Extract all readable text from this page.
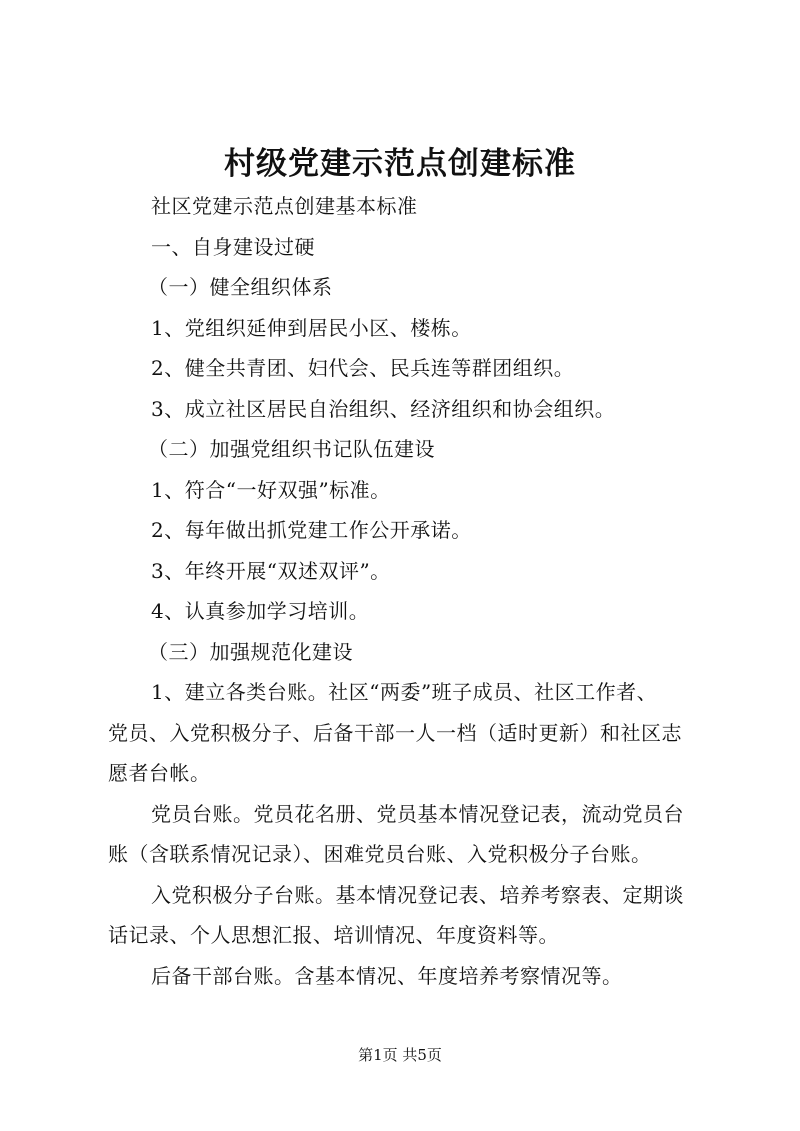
村级党建示范点创建标准
社区党建示范点创建基本标准
一、自身建设过硬
（一）健全组织体系
1、党组织延伸到居民小区、楼栋。
2、健全共青团、妇代会、民兵连等群团组织。
3、成立社区居民自治组织、经济组织和协会组织。
（二）加强党组织书记队伍建设
1、符合“一好双强”标准。
2、每年做出抓党建工作公开承诺。
3、年终开展“双述双评”。
4、认真参加学习培训。
（三）加强规范化建设
1、建立各类台账。社区“两委”班子成员、社区工作者、
党员、入党积极分子、后备干部一人一档（适时更新）和社区志
愿者台帐。
党员台账。党员花名册、党员基本情况登记表，流动党员台
账（含联系情况记录）、困难党员台账、入党积极分子台账。
入党积极分子台账。基本情况登记表、培养考察表、定期谈
话记录、个人思想汇报、培训情况、年度资料等。
后备干部台账。含基本情况、年度培养考察情况等。
第1页 共5页
